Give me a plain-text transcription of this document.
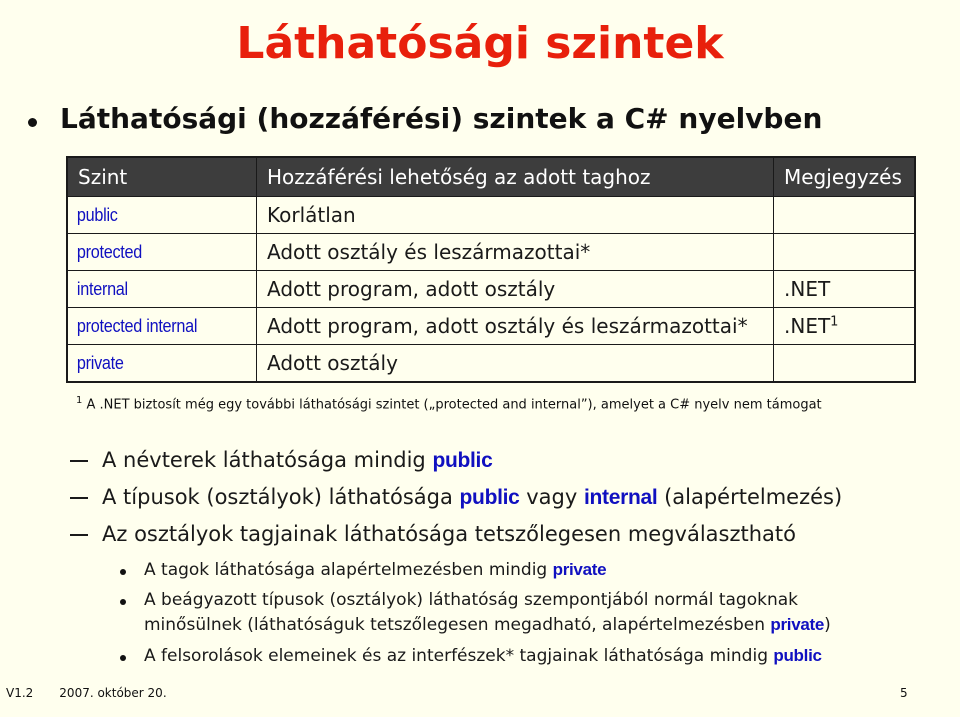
Láthatósági szintek
Láthatósági (hozzáférési) szintek a C# nyelvben
Szint	Hozzáférési lehetőség az adott taghoz	Megjegyzés
public	Korlátlan	
protected	Adott osztály és leszármazottai*	
internal	Adott program, adott osztály	.NET
protected internal	Adott program, adott osztály és leszármazottai*	.NET$^1$
private	Adott osztály	
$^1$ A .NET biztosít még egy további láthatósági szintet („protected and internal”), amelyet a C# nyelv nem támogat
A névterek láthatósága mindig public
A típusok (osztályok) láthatósága public vagy internal (alapértelmezés)
Az osztályok tagjainak láthatósága tetszőlegesen megválasztható
A tagok láthatósága alapértelmezésben mindig private
A beágyazott típusok (osztályok) láthatóság szempontjából normál tagoknak
minősülnek (láthatóságuk tetszőlegesen megadható, alapértelmezésben private)
A felsorolások elemeinek és az interfészek* tagjainak láthatósága mindig public
V1.2 2007. október 20.	5
